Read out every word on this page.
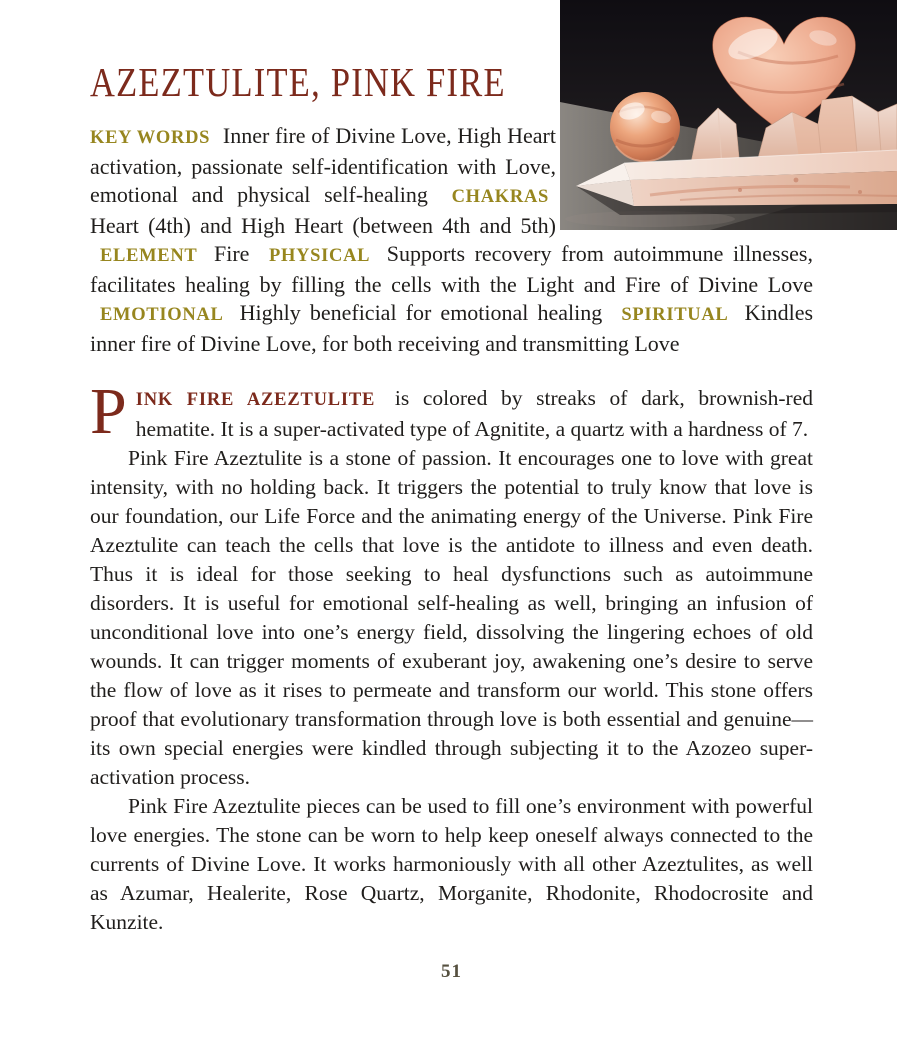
AZEZTULITE, PINK FIRE

KEY WORDS Inner fire of Divine Love, High Heart activation, passionate self-identification with Love, emotional and physical self-healing CHAKRAS Heart (4th) and High Heart (between 4th and 5th) ELEMENT Fire PHYSICAL Supports recovery from autoimmune illnesses, facilitates healing by filling the cells with the Light and Fire of Divine Love EMOTIONAL Highly beneficial for emotional healing SPIRITUAL Kindles inner fire of Divine Love, for both receiving and transmitting Love

PINK FIRE AZEZTULITE is colored by streaks of dark, brownish-red hematite. It is a super-activated type of Agnitite, a quartz with a hardness of 7.

Pink Fire Azeztulite is a stone of passion. It encourages one to love with great intensity, with no holding back. It triggers the potential to truly know that love is our foundation, our Life Force and the animating energy of the Universe. Pink Fire Azeztulite can teach the cells that love is the antidote to illness and even death. Thus it is ideal for those seeking to heal dysfunctions such as autoimmune disorders. It is useful for emotional self-healing as well, bringing an infusion of unconditional love into one’s energy field, dissolving the lingering echoes of old wounds. It can trigger moments of exuberant joy, awakening one’s desire to serve the flow of love as it rises to permeate and transform our world. This stone offers proof that evolutionary transformation through love is both essential and genuine—its own special energies were kindled through subjecting it to the Azozeo super-activation process.

Pink Fire Azeztulite pieces can be used to fill one’s environment with powerful love energies. The stone can be worn to help keep oneself always connected to the currents of Divine Love. It works harmoniously with all other Azeztulites, as well as Azumar, Healerite, Rose Quartz, Morganite, Rhodonite, Rhodocrosite and Kunzite.

51
